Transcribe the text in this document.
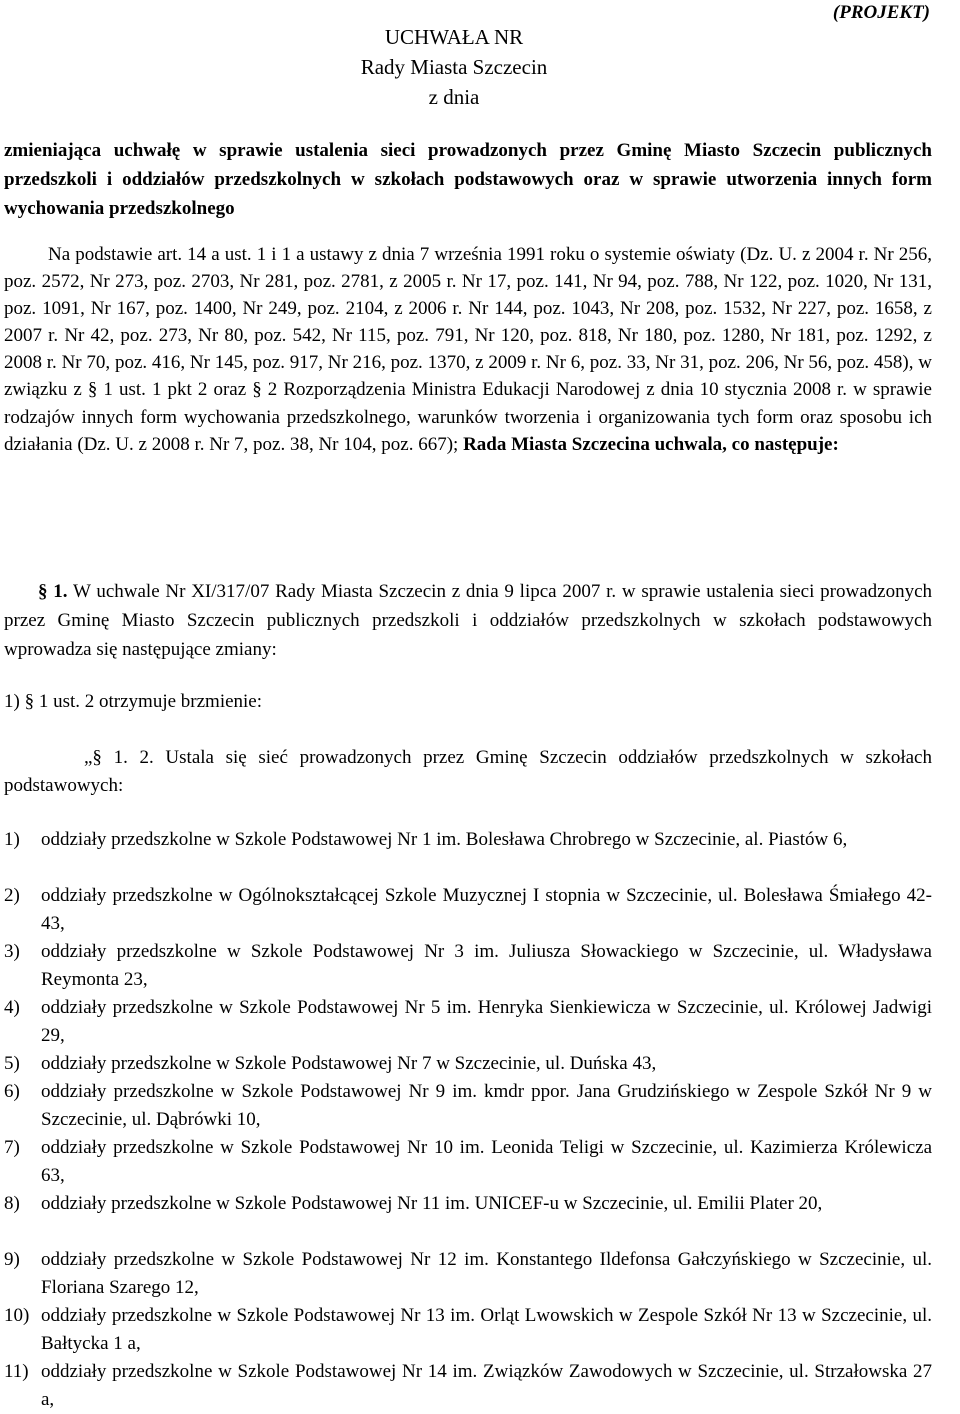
(PROJEKT)
UCHWAŁA NR
Rady Miasta Szczecin
z dnia
zmieniająca uchwałę w sprawie ustalenia sieci prowadzonych przez Gminę Miasto Szczecin publicznych przedszkoli i oddziałów przedszkolnych w szkołach podstawowych oraz w sprawie utworzenia innych form wychowania przedszkolnego
Na podstawie art. 14 a ust. 1 i 1 a ustawy z dnia 7 września 1991 roku o systemie oświaty (Dz. U. z 2004 r. Nr 256, poz. 2572, Nr 273, poz. 2703, Nr 281, poz. 2781, z 2005 r. Nr 17, poz. 141, Nr 94, poz. 788, Nr 122, poz. 1020, Nr 131, poz. 1091, Nr 167, poz. 1400, Nr 249, poz. 2104, z 2006 r. Nr 144, poz. 1043, Nr 208, poz. 1532, Nr 227, poz. 1658, z 2007 r. Nr 42, poz. 273, Nr 80, poz. 542, Nr 115, poz. 791, Nr 120, poz. 818, Nr 180, poz. 1280, Nr 181, poz. 1292, z 2008 r. Nr 70, poz. 416, Nr 145, poz. 917, Nr 216, poz. 1370, z 2009 r. Nr 6, poz. 33, Nr 31, poz. 206, Nr 56, poz. 458), w związku z § 1 ust. 1 pkt 2 oraz § 2 Rozporządzenia Ministra Edukacji Narodowej z dnia 10 stycznia 2008 r. w sprawie rodzajów innych form wychowania przedszkolnego, warunków tworzenia i organizowania tych form oraz sposobu ich działania (Dz. U. z 2008 r. Nr 7, poz. 38, Nr 104, poz. 667); Rada Miasta Szczecina uchwala, co następuje:
§ 1. W uchwale Nr XI/317/07 Rady Miasta Szczecin z dnia 9 lipca 2007 r. w sprawie ustalenia sieci prowadzonych przez Gminę Miasto Szczecin publicznych przedszkoli i oddziałów przedszkolnych w szkołach podstawowych wprowadza się następujące zmiany:
1) § 1 ust. 2 otrzymuje brzmienie:
„§ 1. 2. Ustala się sieć prowadzonych przez Gminę Szczecin oddziałów przedszkolnych w szkołach podstawowych:
1) oddziały przedszkolne w Szkole Podstawowej Nr 1 im. Bolesława Chrobrego w Szczecinie, al. Piastów 6,
2) oddziały przedszkolne w Ogólnokształcącej Szkole Muzycznej I stopnia w Szczecinie, ul. Bolesława Śmiałego 42-43,
3) oddziały przedszkolne w Szkole Podstawowej Nr 3 im. Juliusza Słowackiego w Szczecinie, ul. Władysława Reymonta 23,
4) oddziały przedszkolne w Szkole Podstawowej Nr 5 im. Henryka Sienkiewicza w Szczecinie, ul. Królowej Jadwigi 29,
5) oddziały przedszkolne w Szkole Podstawowej Nr 7 w Szczecinie, ul. Duńska 43,
6) oddziały przedszkolne w Szkole Podstawowej Nr 9 im. kmdr ppor. Jana Grudzińskiego w Zespole Szkół Nr 9 w Szczecinie, ul. Dąbrówki 10,
7) oddziały przedszkolne w Szkole Podstawowej Nr 10 im. Leonida Teligi w Szczecinie, ul. Kazimierza Królewicza 63,
8) oddziały przedszkolne w Szkole Podstawowej Nr 11 im. UNICEF-u w Szczecinie, ul. Emilii Plater 20,
9) oddziały przedszkolne w Szkole Podstawowej Nr 12 im. Konstantego Ildefonsa Gałczyńskiego w Szczecinie, ul. Floriana Szarego 12,
10) oddziały przedszkolne w Szkole Podstawowej Nr 13 im. Orląt Lwowskich w Zespole Szkół Nr 13 w Szczecinie, ul. Bałtycka 1 a,
11) oddziały przedszkolne w Szkole Podstawowej Nr 14 im. Związków Zawodowych w Szczecinie, ul. Strzałowska 27 a,
